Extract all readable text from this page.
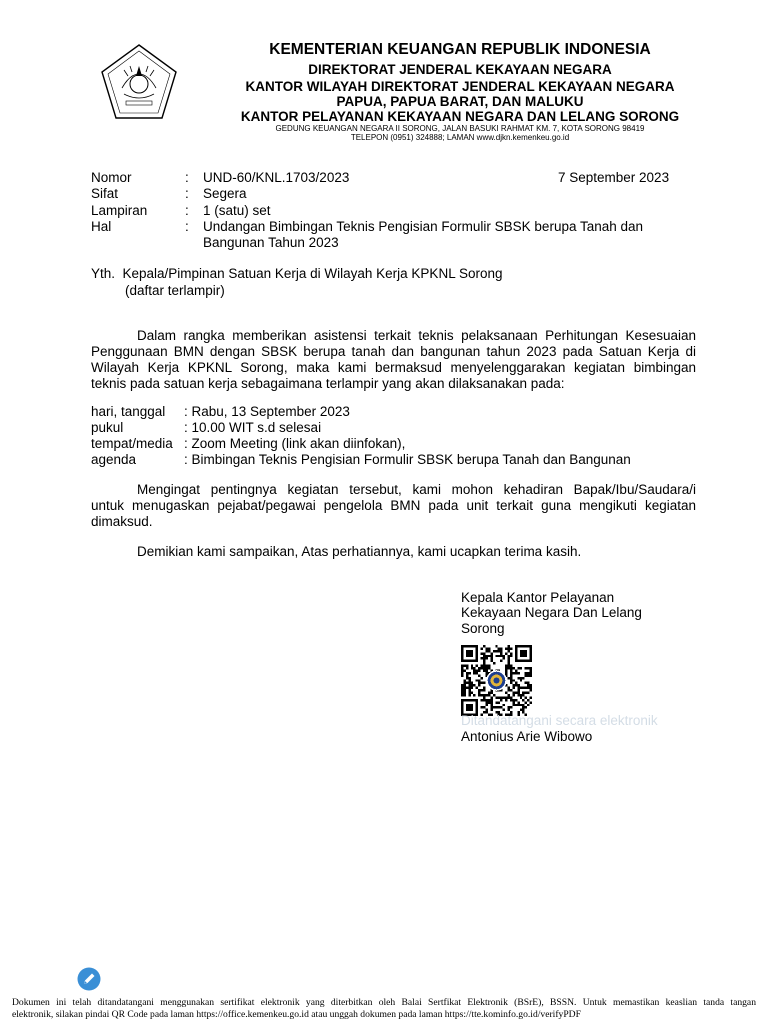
KEMENTERIAN KEUANGAN REPUBLIK INDONESIA
DIREKTORAT JENDERAL KEKAYAAN NEGARA
KANTOR WILAYAH DIREKTORAT JENDERAL KEKAYAAN NEGARA
PAPUA, PAPUA BARAT, DAN MALUKU
KANTOR PELAYANAN KEKAYAAN NEGARA DAN LELANG SORONG
GEDUNG KEUANGAN NEGARA II SORONG, JALAN BASUKI RAHMAT KM. 7, KOTA SORONG 98419
TELEPON (0951) 324888; LAMAN www.djkn.kemenkeu.go.id
Nomor	: UND-60/KNL.1703/2023	7 September 2023
Sifat	: Segera
Lampiran	: 1 (satu) set
Hal	: Undangan Bimbingan Teknis Pengisian Formulir SBSK berupa Tanah dan
Bangunan Tahun 2023
Yth.  Kepala/Pimpinan Satuan Kerja di Wilayah Kerja KPKNL Sorong
(daftar terlampir)
Dalam rangka memberikan asistensi terkait teknis pelaksanaan Perhitungan Kesesuaian
Penggunaan BMN dengan SBSK berupa tanah dan bangunan tahun 2023 pada Satuan Kerja di
Wilayah Kerja KPKNL Sorong, maka kami bermaksud menyelenggarakan kegiatan bimbingan
teknis pada satuan kerja sebagaimana terlampir yang akan dilaksanakan pada:
hari, tanggal : Rabu, 13 September 2023
pukul	: 10.00 WIT s.d selesai
tempat/media : Zoom Meeting (link akan diinfokan),
agenda	: Bimbingan Teknis Pengisian Formulir SBSK berupa Tanah dan Bangunan
Mengingat pentingnya kegiatan tersebut, kami mohon kehadiran Bapak/Ibu/Saudara/i
untuk menugaskan pejabat/pegawai pengelola BMN pada unit terkait guna mengikuti kegiatan
dimaksud.
Demikian kami sampaikan, Atas perhatiannya, kami ucapkan terima kasih.
Kepala Kantor Pelayanan
Kekayaan Negara Dan Lelang
Sorong
Ditandatangani secara elektronik
Antonius Arie Wibowo
Dokumen ini telah ditandatangani menggunakan sertifikat elektronik yang diterbitkan oleh Balai Sertfikat Elektronik (BSrE), BSSN. Untuk memastikan keaslian tanda tangan
elektronik, silakan pindai QR Code pada laman https://office.kemenkeu.go.id atau unggah dokumen pada laman https://tte.kominfo.go.id/verifyPDF
